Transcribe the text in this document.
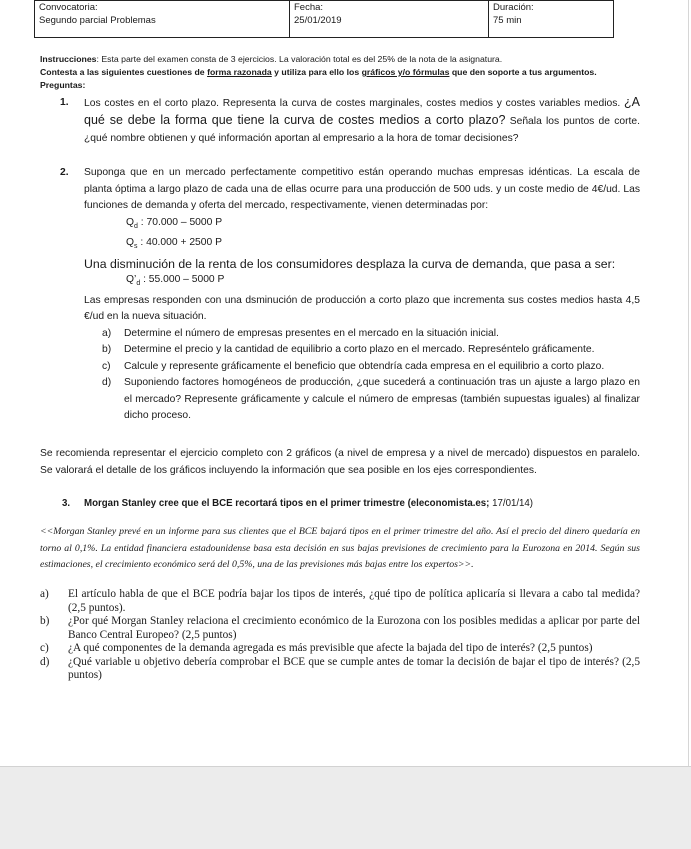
Convocatoria:
Segundo parcial Problemas

Fecha:
25/01/2019

Duración:
75 min
Instrucciones: Esta parte del examen consta de 3 ejercicios. La valoración total es del 25% de la nota de la asignatura.
Contesta a las siguientes cuestiones de forma razonada y utiliza para ello los gráficos y/o fórmulas que den soporte a tus argumentos. Preguntas:
1. Los costes en el corto plazo. Representa la curva de costes marginales, costes medios y costes variables medios. ¿A qué se debe la forma que tiene la curva de costes medios a corto plazo? Señala los puntos de corte. ¿qué nombre obtienen y qué información aportan al empresario a la hora de tomar decisiones?
2. Suponga que en un mercado perfectamente competitivo están operando muchas empresas idénticas. La escala de planta óptima a largo plazo de cada una de ellas ocurre para una producción de 500 uds. y un coste medio de 4€/ud. Las funciones de demanda y oferta del mercado, respectivamente, vienen determinadas por:
$Q_d$ : 70.000 – 5000 P
$Q_s$ : 40.000 + 2500 P
Una disminución de la renta de los consumidores desplaza la curva de demanda, que pasa a ser:
$Q’_d$ : 55.000 – 5000 P
Las empresas responden con una dsminución de producción a corto plazo que incrementa sus costes medios hasta 4,5 €/ud en la nueva situación.
a) Determine el número de empresas presentes en el mercado en la situación inicial.
b) Determine el precio y la cantidad de equilibrio a corto plazo en el mercado. Represéntelo gráficamente.
c) Calcule y represente gráficamente el beneficio que obtendría cada empresa en el equilibrio a corto plazo.
d) Suponiendo factores homogéneos de producción, ¿que sucederá a continuación tras un ajuste a largo plazo en el mercado? Represente gráficamente y calcule el número de empresas (también supuestas iguales) al finalizar dicho proceso.
Se recomienda representar el ejercicio completo con 2 gráficos (a nivel de empresa y a nivel de mercado) dispuestos en paralelo. Se valorará el detalle de los gráficos incluyendo la información que sea posible en los ejes correspondientes.
3. Morgan Stanley cree que el BCE recortará tipos en el primer trimestre (eleconomista.es; 17/01/14)
<<Morgan Stanley prevé en un informe para sus clientes que el BCE bajará tipos en el primer trimestre del año. Así el precio del dinero quedaría en torno al 0,1%. La entidad financiera estadounidense basa esta decisión en sus bajas previsiones de crecimiento para la Eurozona en 2014. Según sus estimaciones, el crecimiento económico será del 0,5%, una de las previsiones más bajas entre los expertos>>.
a) El artículo habla de que el BCE podría bajar los tipos de interés, ¿qué tipo de política aplicaría si llevara a cabo tal medida? (2,5 puntos).
b) ¿Por qué Morgan Stanley relaciona el crecimiento económico de la Eurozona con los posibles medidas a aplicar por parte del Banco Central Europeo? (2,5 puntos)
c) ¿A qué componentes de la demanda agregada es más previsible que afecte la bajada del tipo de interés? (2,5 puntos)
d) ¿Qué variable u objetivo debería comprobar el BCE que se cumple antes de tomar la decisión de bajar el tipo de interés? (2,5 puntos)
